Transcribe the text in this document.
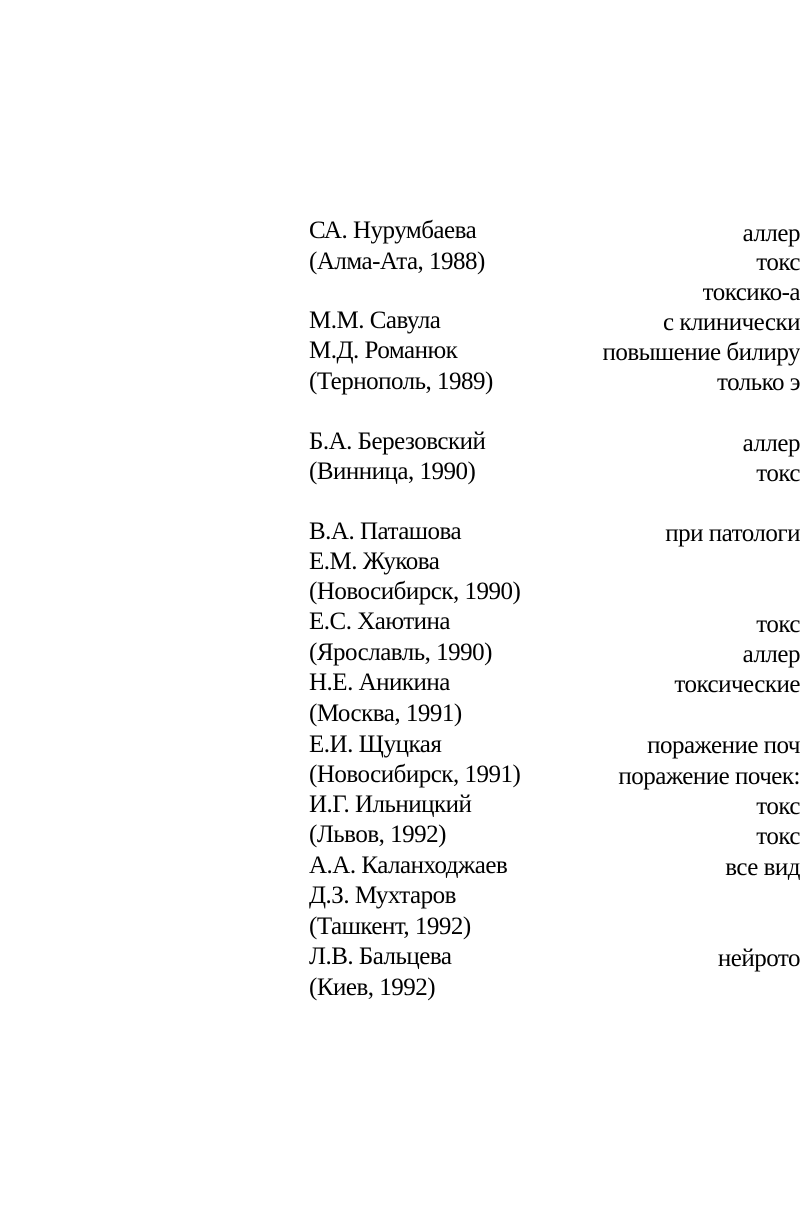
СА. Нурумбаева
(Алма-Ата, 1988)
М.М. Савула
М.Д. Романюк
(Тернополь, 1989)
Б.А. Березовский
(Винница, 1990)
В.А. Паташова
Е.М. Жукова
(Новосибирск, 1990)
Е.С. Хаютина
(Ярославль, 1990)
Н.Е. Аникина
(Москва, 1991)
Е.И. Щуцкая
(Новосибирск, 1991)
И.Г. Ильницкий
(Львов, 1992)
А.А. Каланходжаев
Д.З. Мухтаров
(Ташкент, 1992)
Л.В. Бальцева
(Киев, 1992)
аллер
токс
токсико-а
с клинически
повышение билиру
только э
аллер
токс
при патологи
токс
аллер
токсические
поражение поч
поражение почек:
токс
токс
все вид
нейрото
